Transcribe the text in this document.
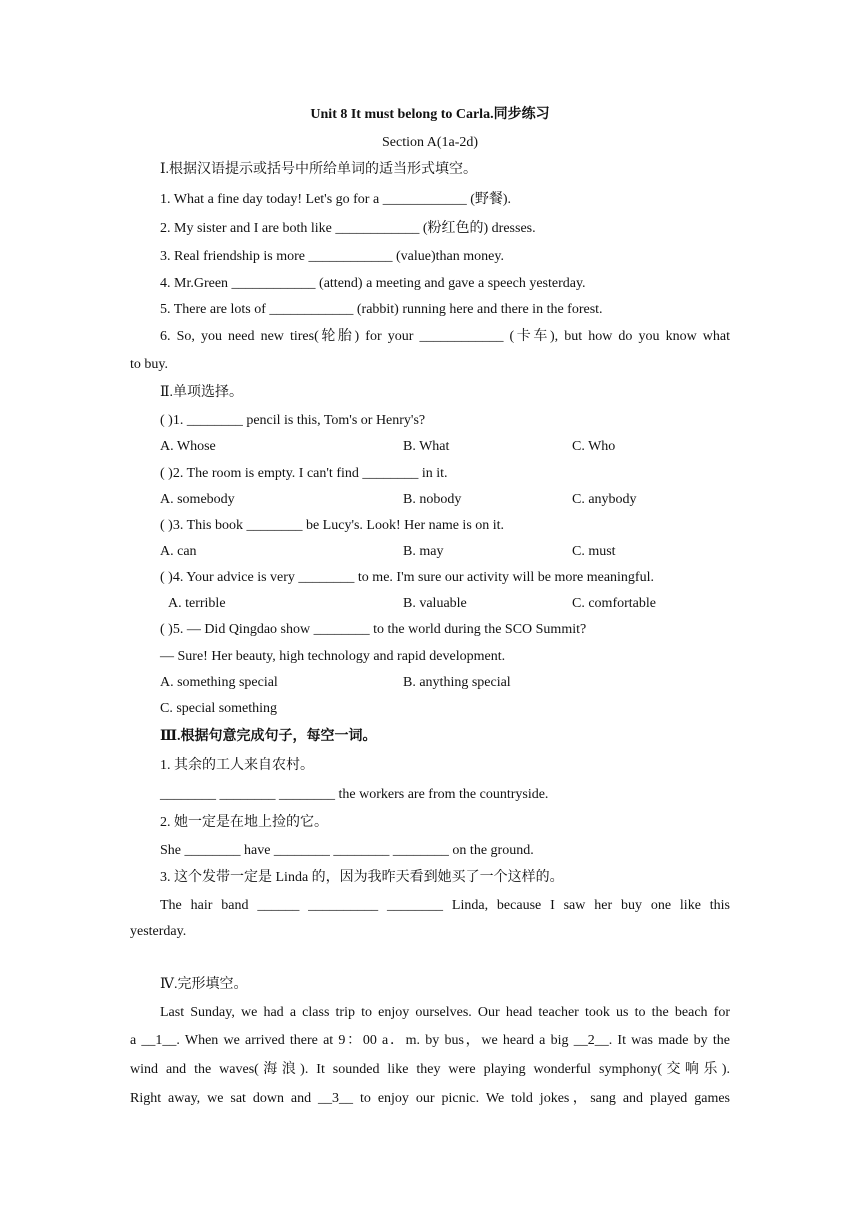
Unit 8 It must belong to Carla.同步练习
Section A(1a-2d)
Ⅰ.根据汉语提示或括号中所给单词的适当形式填空。
1. What a fine day today! Let's go for a ____________ (野餐).
2. My sister and I are both like ____________ (粉红色的) dresses.
3. Real friendship is more ____________ (value)than money.
4. Mr.Green ____________ (attend) a meeting and gave a speech yesterday.
5. There are lots of ____________ (rabbit) running here and there in the forest.
6. So, you need new tires(轮胎) for your ____________ (卡车), but how do you know what
to buy.
Ⅱ.单项选择。
( )1. ________ pencil is this, Tom's or Henry's?
A. Whose	B. What	C. Who
( )2. The room is empty. I can't find ________ in it.
A. somebody	B. nobody	C. anybody
( )3. This book ________ be Lucy's. Look! Her name is on it.
A. can	B. may	C. must
( )4. Your advice is very ________ to me. I'm sure our activity will be more meaningful.
A. terrible	B. valuable	C. comfortable
( )5. — Did Qingdao show ________ to the world during the SCO Summit?
— Sure! Her beauty, high technology and rapid development.
A. something special	B. anything special
C. special something
Ⅲ.根据句意完成句子，每空一词。
1. 其余的工人来自农村。
________ ________ ________ the workers are from the countryside.
2. 她一定是在地上捡的它。
She ________ have ________ ________ ________ on the ground.
3. 这个发带一定是 Linda 的，因为我昨天看到她买了一个这样的。
The hair band ______ __________ ________ Linda, because I saw her buy one like this
yesterday.
Ⅳ.完形填空。
Last Sunday, we had a class trip to enjoy ourselves. Our head teacher took us to the beach for
a __1__. When we arrived there at 9：00 a．m. by bus，we heard a big __2__. It was made by the
wind and the waves(海浪). It sounded like they were playing wonderful symphony(交响乐).
Right away, we sat down and __3__ to enjoy our picnic. We told jokes，sang and played games
